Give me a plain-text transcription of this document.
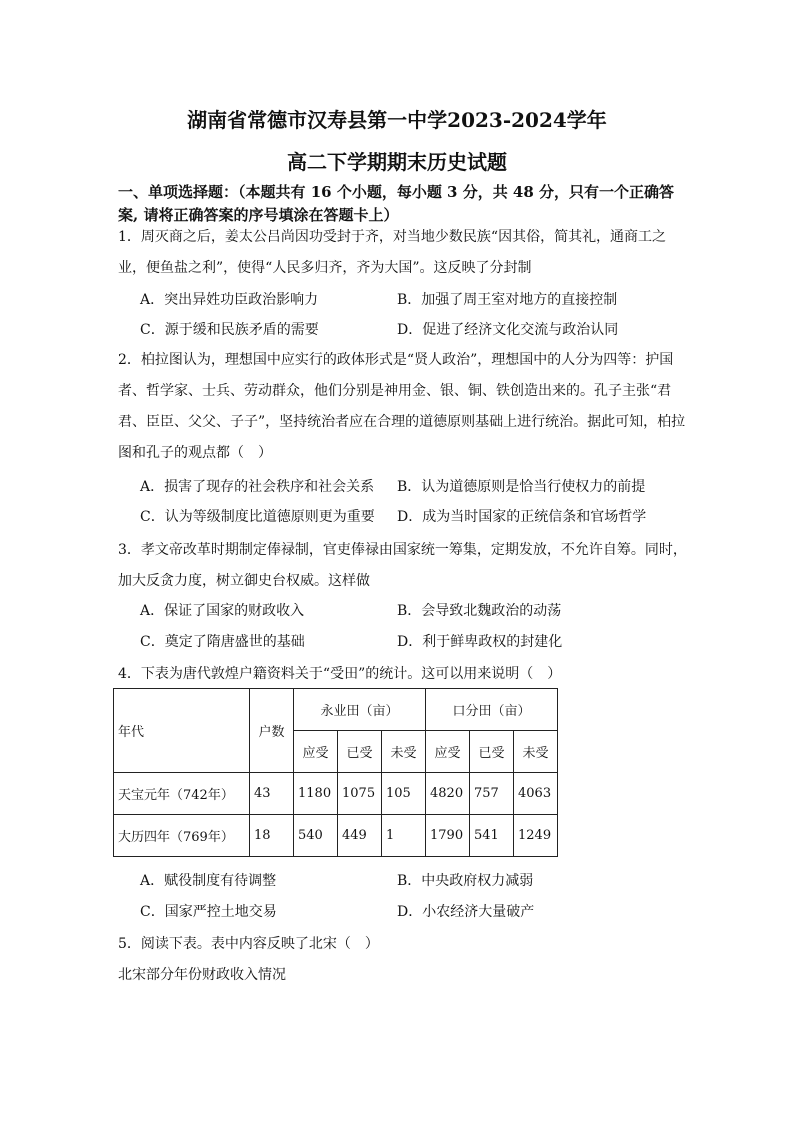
湖南省常德市汉寿县第一中学2023-2024学年
高二下学期期末历史试题
一、单项选择题：（本题共有 16 个小题，每小题 3 分，共 48 分，只有一个正确答案, 请将正确答案的序号填涂在答题卡上）
1．周灭商之后，姜太公吕尚因功受封于齐，对当地少数民族“因其俗，简其礼，通商工之业，便鱼盐之利”，使得“人民多归齐，齐为大国”。这反映了分封制
A．突出异姓功臣政治影响力	B．加强了周王室对地方的直接控制
C．源于缓和民族矛盾的需要	D．促进了经济文化交流与政治认同
2．柏拉图认为，理想国中应实行的政体形式是“贤人政治”，理想国中的人分为四等：护国者、哲学家、士兵、劳动群众，他们分别是神用金、银、铜、铁创造出来的。孔子主张“君君、臣臣、父父、子子”，坚持统治者应在合理的道德原则基础上进行统治。据此可知，柏拉图和孔子的观点都（　）
A．损害了现存的社会秩序和社会关系 B．认为道德原则是恰当行使权力的前提
C．认为等级制度比道德原则更为重要 D．成为当时国家的正统信条和官场哲学
3．孝文帝改革时期制定俸禄制，官吏俸禄由国家统一筹集，定期发放，不允许自筹。同时，加大反贪力度，树立御史台权威。这样做
A．保证了国家的财政收入	B．会导致北魏政治的动荡
C．奠定了隋唐盛世的基础	D．利于鲜卑政权的封建化
4．下表为唐代敦煌户籍资料关于“受田”的统计。这可以用来说明（　）
年代	户数	永业田（亩）			口分田（亩）		
		应受	已受	未受	应受	已受	未受
天宝元年（742年）	43	1180	1075	105	4820	757	4063
大历四年（769年）	18	540	449	1	1790	541	1249
A．赋役制度有待调整	B．中央政府权力减弱
C．国家严控土地交易	D．小农经济大量破产
5．阅读下表。表中内容反映了北宋（　）
北宋部分年份财政收入情况
